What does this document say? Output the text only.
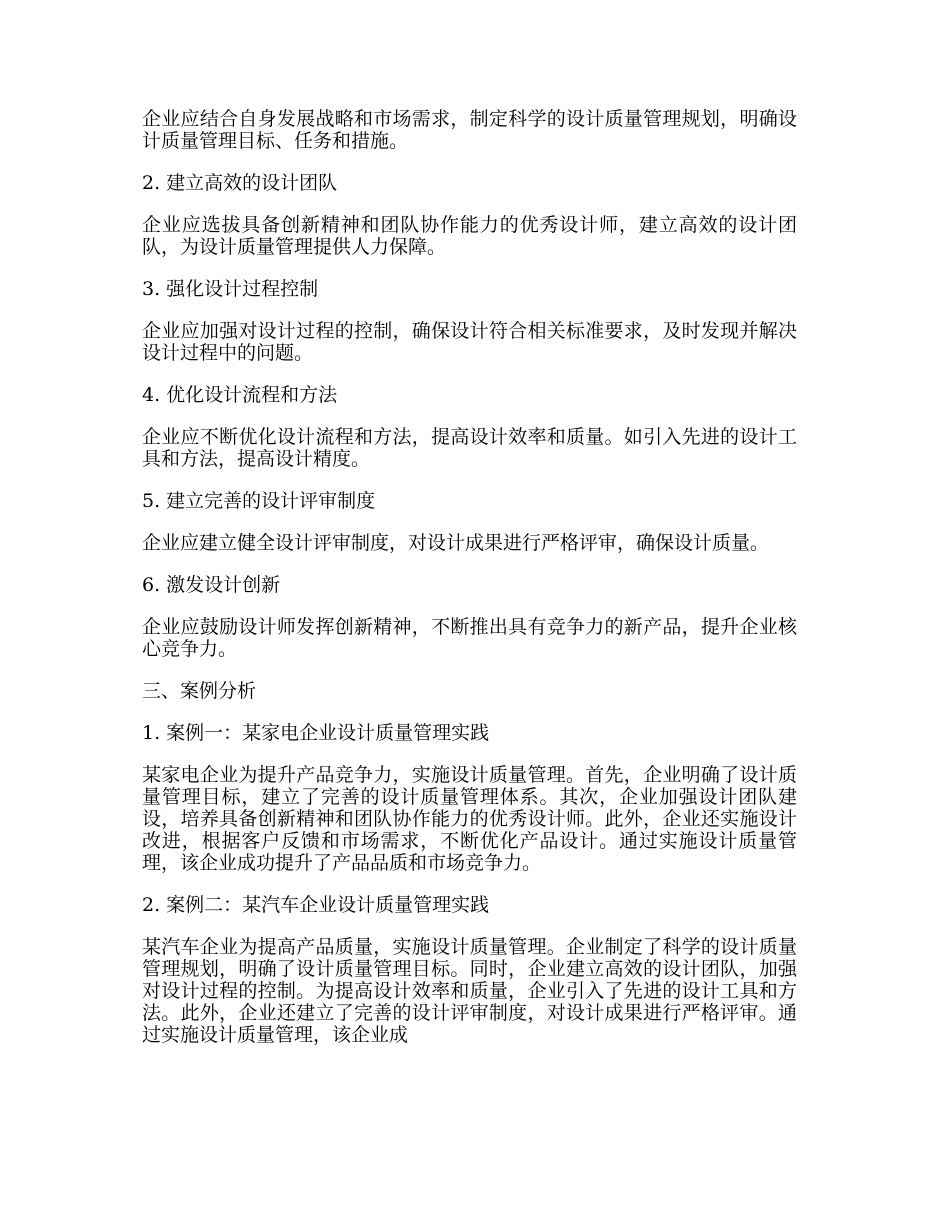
企业应结合自身发展战略和市场需求，制定科学的设计质量管理规划，明确设计质量管理目标、任务和措施。

2. 建立高效的设计团队

企业应选拔具备创新精神和团队协作能力的优秀设计师，建立高效的设计团队，为设计质量管理提供人力保障。

3. 强化设计过程控制

企业应加强对设计过程的控制，确保设计符合相关标准要求，及时发现并解决设计过程中的问题。

4. 优化设计流程和方法

企业应不断优化设计流程和方法，提高设计效率和质量。如引入先进的设计工具和方法，提高设计精度。

5. 建立完善的设计评审制度

企业应建立健全设计评审制度，对设计成果进行严格评审，确保设计质量。

6. 激发设计创新

企业应鼓励设计师发挥创新精神，不断推出具有竞争力的新产品，提升企业核心竞争力。

三、案例分析

1. 案例一：某家电企业设计质量管理实践

某家电企业为提升产品竞争力，实施设计质量管理。首先，企业明确了设计质量管理目标，建立了完善的设计质量管理体系。其次，企业加强设计团队建设，培养具备创新精神和团队协作能力的优秀设计师。此外，企业还实施设计改进，根据客户反馈和市场需求，不断优化产品设计。通过实施设计质量管理，该企业成功提升了产品品质和市场竞争力。

2. 案例二：某汽车企业设计质量管理实践

某汽车企业为提高产品质量，实施设计质量管理。企业制定了科学的设计质量管理规划，明确了设计质量管理目标。同时，企业建立高效的设计团队，加强对设计过程的控制。为提高设计效率和质量，企业引入了先进的设计工具和方法。此外，企业还建立了完善的设计评审制度，对设计成果进行严格评审。通过实施设计质量管理，该企业成
